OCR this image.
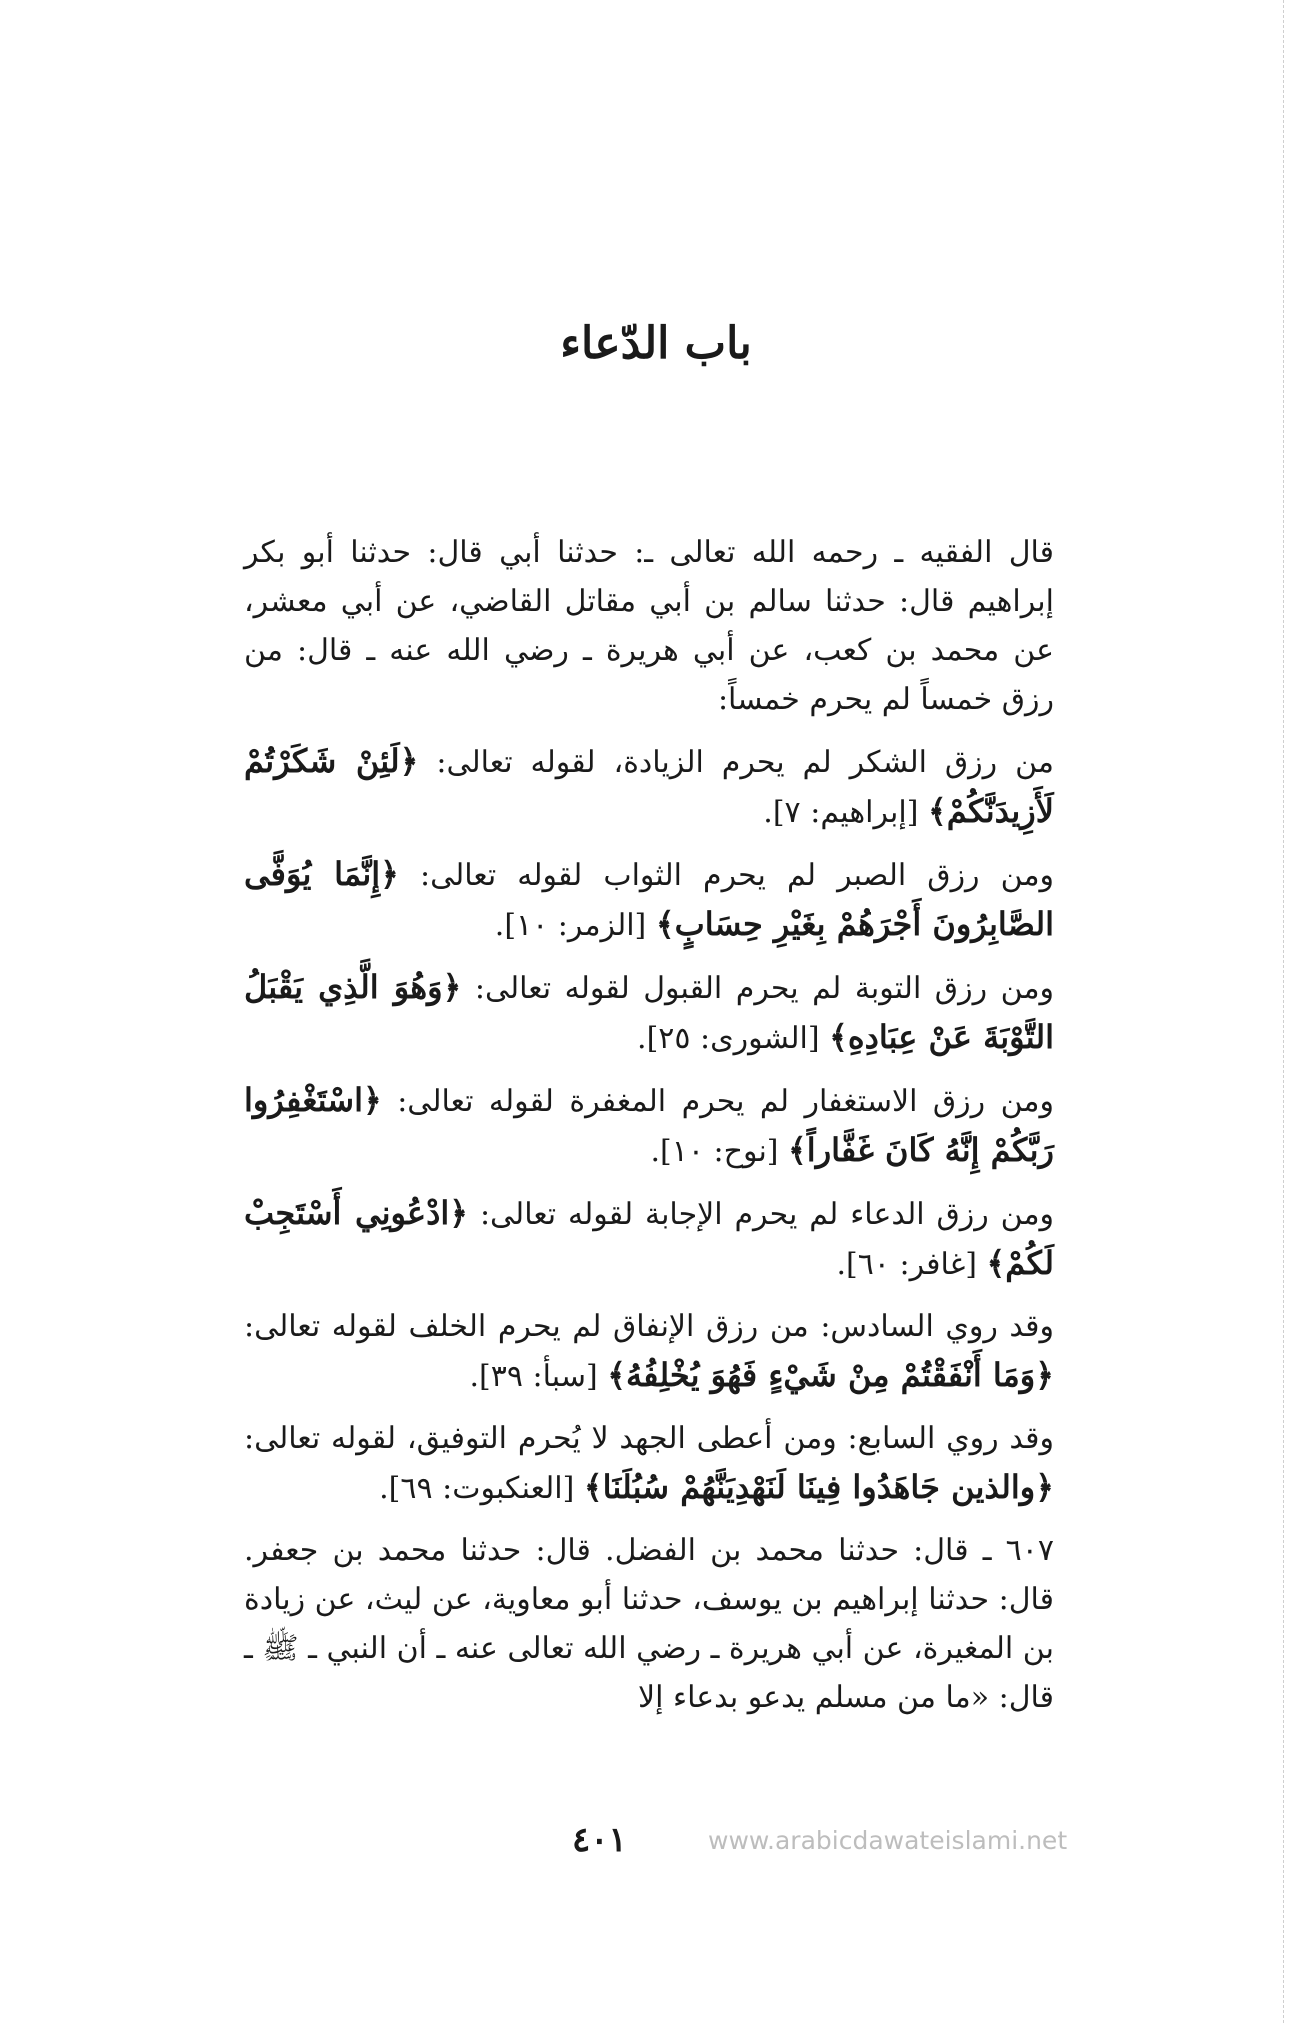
باب الدّعاء

قال الفقيه ـ رحمه الله تعالى ـ: حدثنا أبي قال: حدثنا أبو بكر إبراهيم قال: حدثنا سالم بن أبي مقاتل القاضي، عن أبي معشر، عن محمد بن كعب، عن أبي هريرة ـ رضي الله عنه ـ قال: من رزق خمساً لم يحرم خمساً:

من رزق الشكر لم يحرم الزيادة، لقوله تعالى: ﴿لَئِنْ شَكَرْتُمْ لَأَزِيدَنَّكُمْ﴾ [إبراهيم: ٧].

ومن رزق الصبر لم يحرم الثواب لقوله تعالى: ﴿إِنَّمَا يُوَفَّى الصَّابِرُونَ أَجْرَهُمْ بِغَيْرِ حِسَابٍ﴾ [الزمر: ١٠].

ومن رزق التوبة لم يحرم القبول لقوله تعالى: ﴿وَهُوَ الَّذِي يَقْبَلُ التَّوْبَةَ عَنْ عِبَادِهِ﴾ [الشورى: ٢٥].

ومن رزق الاستغفار لم يحرم المغفرة لقوله تعالى: ﴿اسْتَغْفِرُوا رَبَّكُمْ إِنَّهُ كَانَ غَفَّاراً﴾ [نوح: ١٠].

ومن رزق الدعاء لم يحرم الإجابة لقوله تعالى: ﴿ادْعُونِي أَسْتَجِبْ لَكُمْ﴾ [غافر: ٦٠].

وقد روي السادس: من رزق الإنفاق لم يحرم الخلف لقوله تعالى: ﴿وَمَا أَنْفَقْتُمْ مِنْ شَيْءٍ فَهُوَ يُخْلِفُهُ﴾ [سبأ: ٣٩].

وقد روي السابع: ومن أعطى الجهد لا يُحرم التوفيق، لقوله تعالى: ﴿والذين جَاهَدُوا فِينَا لَنَهْدِيَنَّهُمْ سُبُلَنَا﴾ [العنكبوت: ٦٩].

٦٠٧ ـ قال: حدثنا محمد بن الفضل. قال: حدثنا محمد بن جعفر. قال: حدثنا إبراهيم بن يوسف، حدثنا أبو معاوية، عن ليث، عن زيادة بن المغيرة، عن أبي هريرة ـ رضي الله تعالى عنه ـ أن النبي ـ ﷺ ـ قال: «ما من مسلم يدعو بدعاء إلا

٤٠١	www.arabicdawateislami.net
